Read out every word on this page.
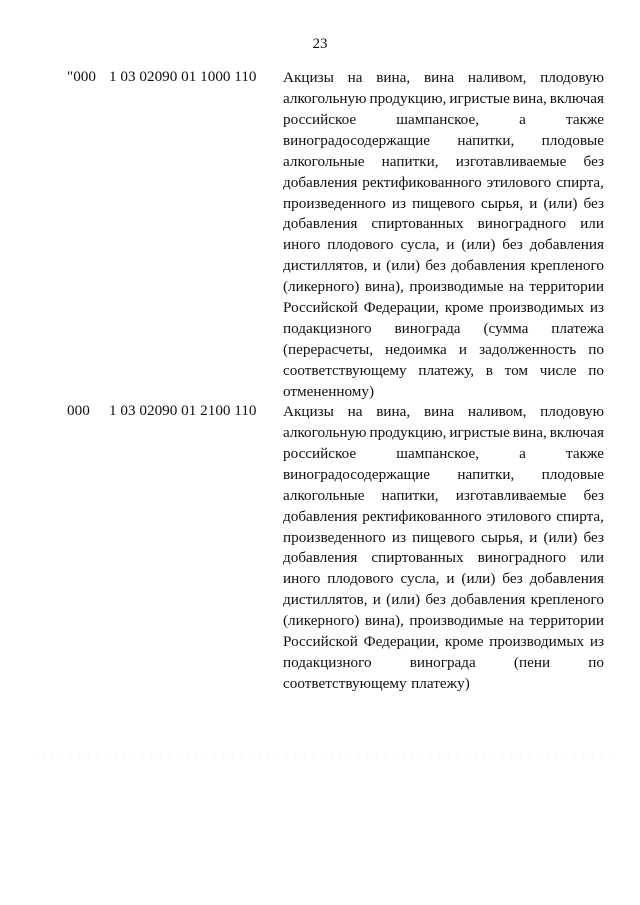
23
"000 1 03 02090 01 1000 110 Акцизы на вина, вина наливом, плодовую
алкогольную продукцию, игристые вина, включая
российское	шампанское,	а	также
виноградосодержащие напитки, плодовые
алкогольные напитки, изготавливаемые без
добавления ректификованного этилового спирта,
произведенного из пищевого сырья, и (или) без
добавления спиртованных виноградного или
иного плодового сусла, и (или) без добавления
дистиллятов, и (или) без добавления крепленого
(ликерного) вина), производимые на территории
Российской Федерации, кроме производимых из
подакцизного винограда (сумма платежа
(перерасчеты, недоимка и задолженность по
соответствующему платежу, в том числе по
отмененному)
000 1 03 02090 01 2100 110 Акцизы на вина, вина наливом, плодовую
алкогольную продукцию, игристые вина, включая
российское	шампанское,	а	также
виноградосодержащие напитки, плодовые
алкогольные напитки, изготавливаемые без
добавления ректификованного этилового спирта,
произведенного из пищевого сырья, и (или) без
добавления спиртованных виноградного или
иного плодового сусла, и (или) без добавления
дистиллятов, и (или) без добавления крепленого
(ликерного) вина), производимые на территории
Российской Федерации, кроме производимых из
подакцизного	винограда	(пени	по
соответствующему платежу)
